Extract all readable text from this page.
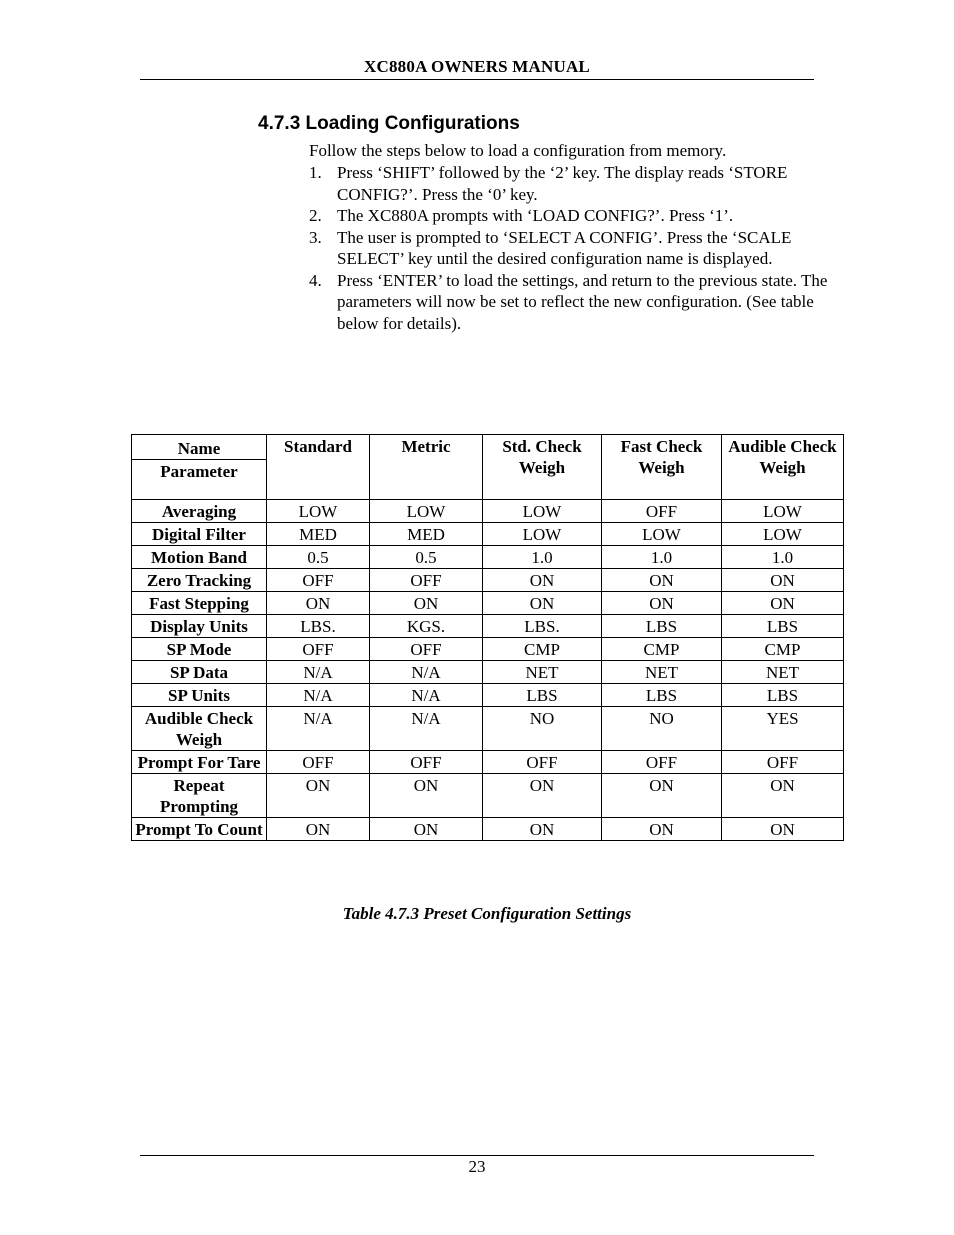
XC880A OWNERS MANUAL
4.7.3 Loading Configurations
Follow the steps below to load a configuration from memory.
1. Press ‘SHIFT’ followed by the ‘2’ key. The display reads ‘STORE CONFIG?’. Press the ‘0’ key.
2. The XC880A prompts with ‘LOAD CONFIG?’. Press ‘1’.
3. The user is prompted to ‘SELECT A CONFIG’. Press the ‘SCALE SELECT’ key until the desired configuration name is displayed.
4. Press ‘ENTER’ to load the settings, and return to the previous state. The parameters will now be set to reflect the new configuration. (See table below for details).
Name	Standard	Metric	Std. Check Weigh	Fast Check Weigh	Audible Check Weigh
Parameter					
Averaging	LOW	LOW	LOW	OFF	LOW
Digital Filter	MED	MED	LOW	LOW	LOW
Motion Band	0.5	0.5	1.0	1.0	1.0
Zero Tracking	OFF	OFF	ON	ON	ON
Fast Stepping	ON	ON	ON	ON	ON
Display Units	LBS.	KGS.	LBS.	LBS	LBS
SP Mode	OFF	OFF	CMP	CMP	CMP
SP Data	N/A	N/A	NET	NET	NET
SP Units	N/A	N/A	LBS	LBS	LBS
Audible Check Weigh	N/A	N/A	NO	NO	YES
Prompt For Tare	OFF	OFF	OFF	OFF	OFF
Repeat Prompting	ON	ON	ON	ON	ON
Prompt To Count	ON	ON	ON	ON	ON
Table 4.7.3 Preset Configuration Settings
23
